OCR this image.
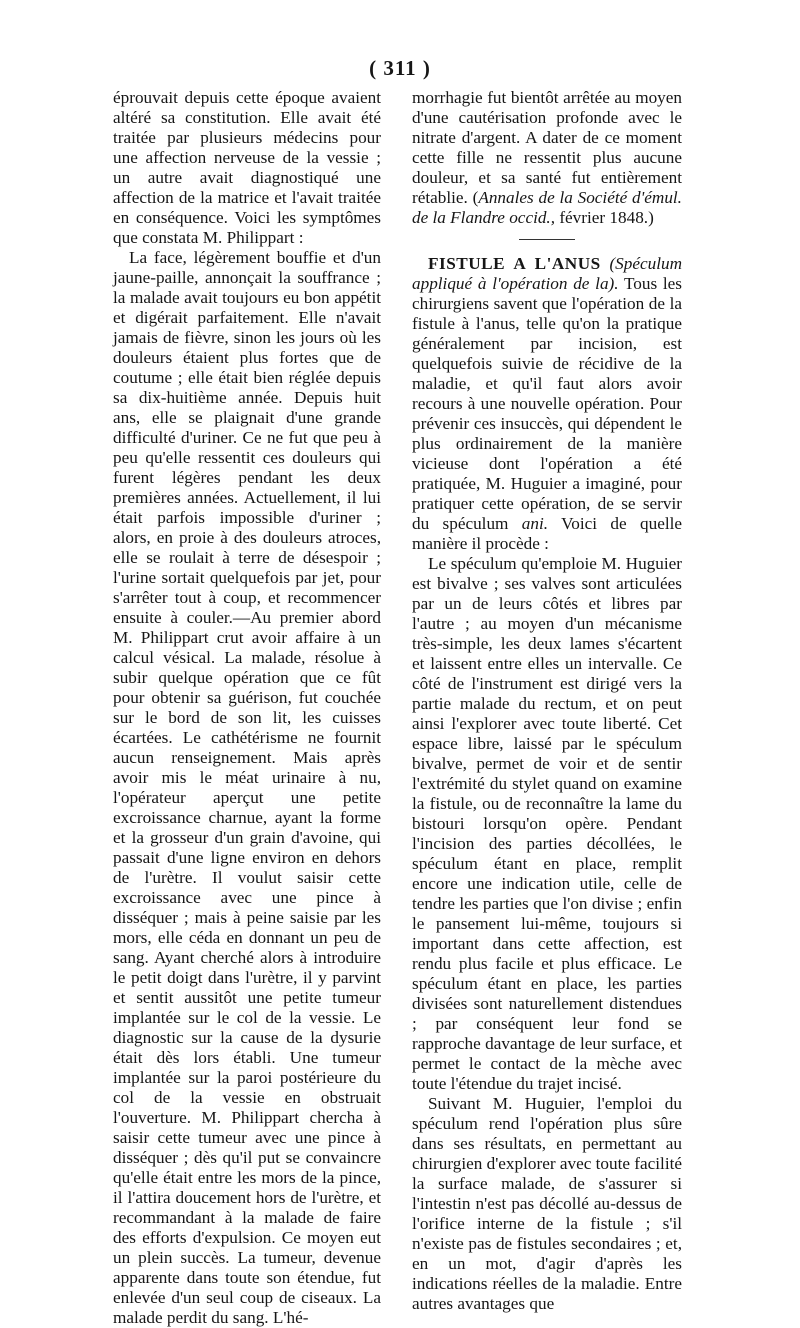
( 311 )

éprouvait depuis cette époque avaient altéré sa constitution. Elle avait été traitée par plusieurs médecins pour une affection nerveuse de la vessie ; un autre avait diagnostiqué une affection de la matrice et l'avait traitée en conséquence. Voici les symptômes que constata M. Philippart :

La face, légèrement bouffie et d'un jaune-paille, annonçait la souffrance ; la malade avait toujours eu bon appétit et digérait parfaitement. Elle n'avait jamais de fièvre, sinon les jours où les douleurs étaient plus fortes que de coutume ; elle était bien réglée depuis sa dix-huitième année. Depuis huit ans, elle se plaignait d'une grande difficulté d'uriner. Ce ne fut que peu à peu qu'elle ressentit ces douleurs qui furent légères pendant les deux premières années. Actuellement, il lui était parfois impossible d'uriner ; alors, en proie à des douleurs atroces, elle se roulait à terre de désespoir ; l'urine sortait quelquefois par jet, pour s'arrêter tout à coup, et recommencer ensuite à couler.—Au premier abord M. Philippart crut avoir affaire à un calcul vésical. La malade, résolue à subir quelque opération que ce fût pour obtenir sa guérison, fut couchée sur le bord de son lit, les cuisses écartées. Le cathétérisme ne fournit aucun renseignement. Mais après avoir mis le méat urinaire à nu, l'opérateur aperçut une petite excroissance charnue, ayant la forme et la grosseur d'un grain d'avoine, qui passait d'une ligne environ en dehors de l'urètre. Il voulut saisir cette excroissance avec une pince à disséquer ; mais à peine saisie par les mors, elle céda en donnant un peu de sang. Ayant cherché alors à introduire le petit doigt dans l'urètre, il y parvint et sentit aussitôt une petite tumeur implantée sur le col de la vessie. Le diagnostic sur la cause de la dysurie était dès lors établi. Une tumeur implantée sur la paroi postérieure du col de la vessie en obstruait l'ouverture. M. Philippart chercha à saisir cette tumeur avec une pince à disséquer ; dès qu'il put se convaincre qu'elle était entre les mors de la pince, il l'attira doucement hors de l'urètre, et recommandant à la malade de faire des efforts d'expulsion. Ce moyen eut un plein succès. La tumeur, devenue apparente dans toute son étendue, fut enlevée d'un seul coup de ciseaux. La malade perdit du sang. L'hé-

morrhagie fut bientôt arrêtée au moyen d'une cautérisation profonde avec le nitrate d'argent. A dater de ce moment cette fille ne ressentit plus aucune douleur, et sa santé fut entièrement rétablie. (Annales de la Société d'émul. de la Flandre occid., février 1848.)

FISTULE A L'ANUS (Spéculum appliqué à l'opération de la). Tous les chirurgiens savent que l'opération de la fistule à l'anus, telle qu'on la pratique généralement par incision, est quelquefois suivie de récidive de la maladie, et qu'il faut alors avoir recours à une nouvelle opération. Pour prévenir ces insuccès, qui dépendent le plus ordinairement de la manière vicieuse dont l'opération a été pratiquée, M. Huguier a imaginé, pour pratiquer cette opération, de se servir du spéculum ani. Voici de quelle manière il procède :

Le spéculum qu'emploie M. Huguier est bivalve ; ses valves sont articulées par un de leurs côtés et libres par l'autre ; au moyen d'un mécanisme très-simple, les deux lames s'écartent et laissent entre elles un intervalle. Ce côté de l'instrument est dirigé vers la partie malade du rectum, et on peut ainsi l'explorer avec toute liberté. Cet espace libre, laissé par le spéculum bivalve, permet de voir et de sentir l'extrémité du stylet quand on examine la fistule, ou de reconnaître la lame du bistouri lorsqu'on opère. Pendant l'incision des parties décollées, le spéculum étant en place, remplit encore une indication utile, celle de tendre les parties que l'on divise ; enfin le pansement lui-même, toujours si important dans cette affection, est rendu plus facile et plus efficace. Le spéculum étant en place, les parties divisées sont naturellement distendues ; par conséquent leur fond se rapproche davantage de leur surface, et permet le contact de la mèche avec toute l'étendue du trajet incisé.

Suivant M. Huguier, l'emploi du spéculum rend l'opération plus sûre dans ses résultats, en permettant au chirurgien d'explorer avec toute facilité la surface malade, de s'assurer si l'intestin n'est pas décollé au-dessus de l'orifice interne de la fistule ; s'il n'existe pas de fistules secondaires ; et, en un mot, d'agir d'après les indications réelles de la maladie. Entre autres avantages que
